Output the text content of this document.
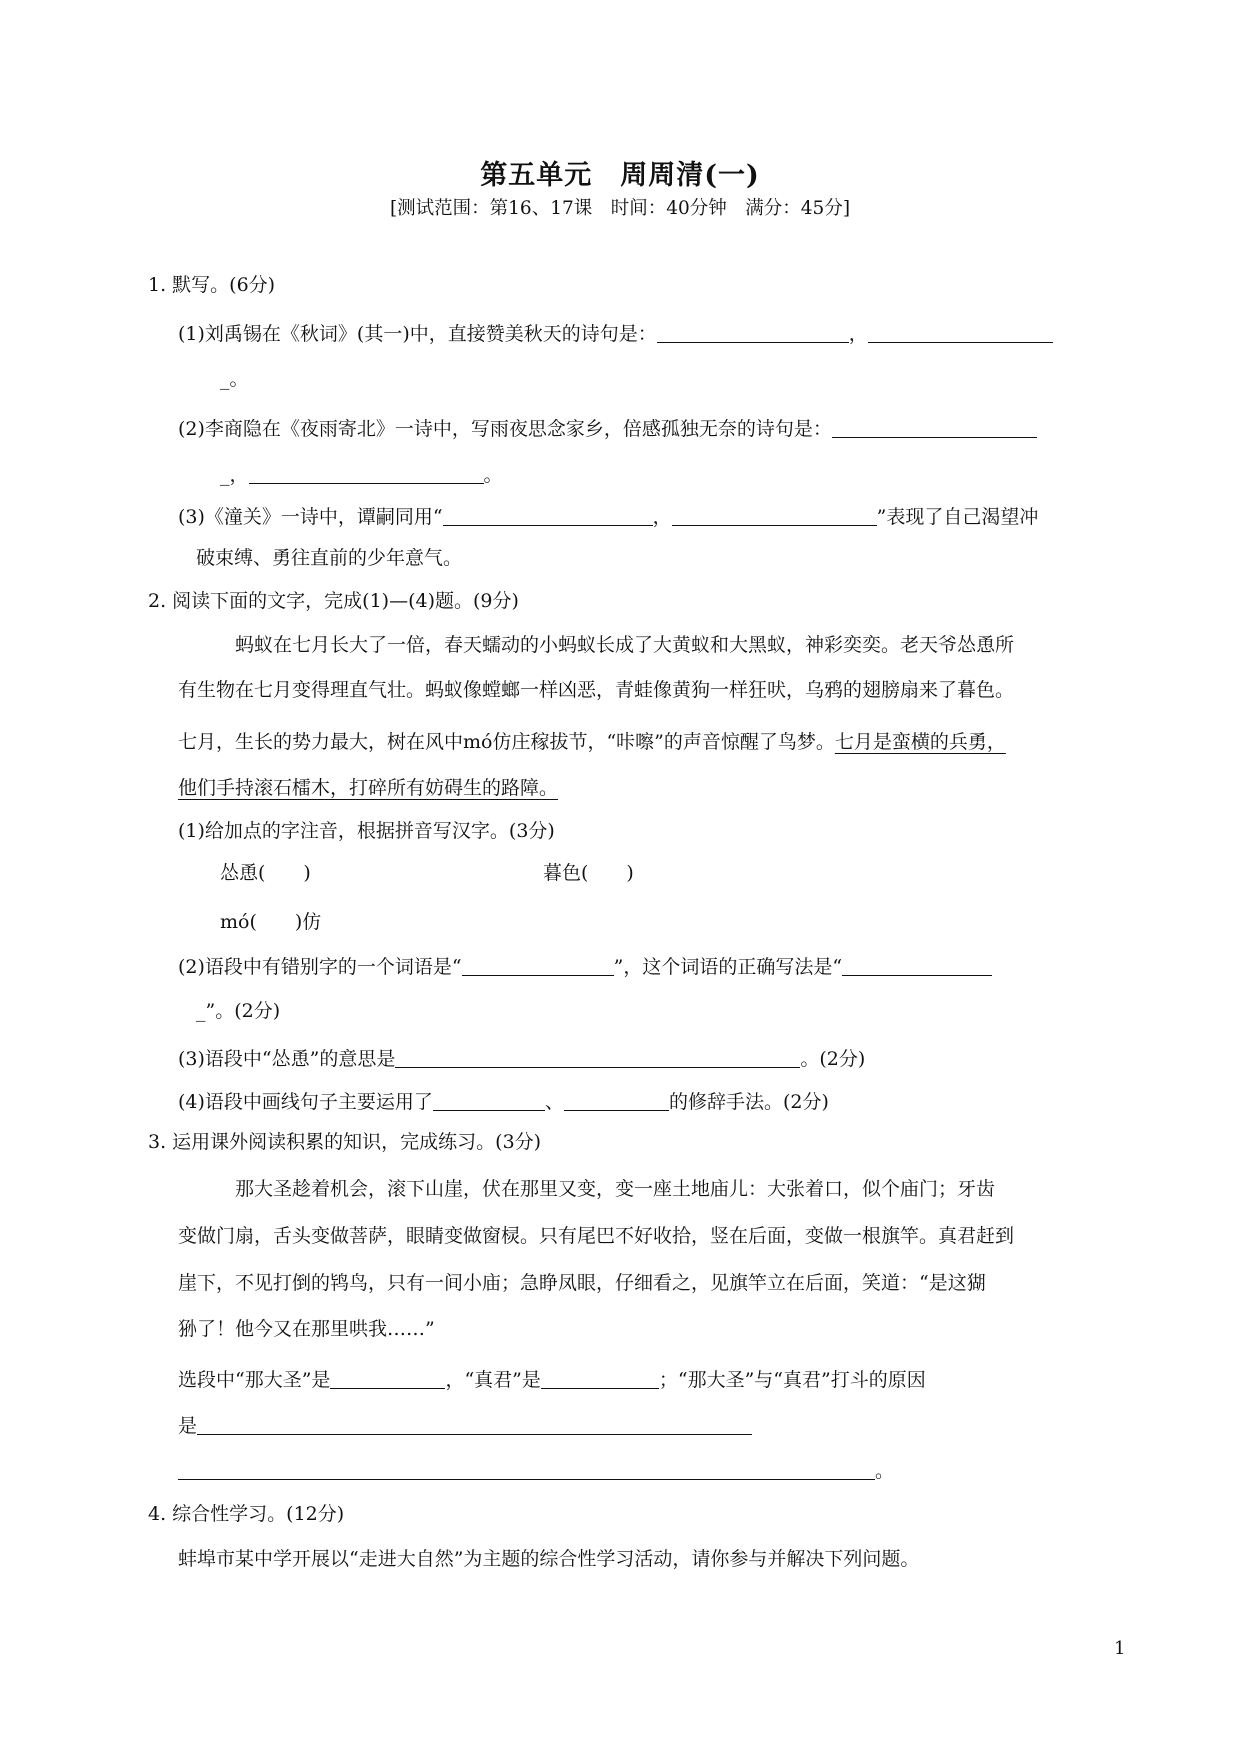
第五单元　周周清(一)
[测试范围：第16、17课　时间：40分钟　满分：45分]
1. 默写。(6分)
(1)刘禹锡在《秋词》(其一)中，直接赞美秋天的诗句是：	，
_。
(2)李商隐在《夜雨寄北》一诗中，写雨夜思念家乡，倍感孤独无奈的诗句是：
_，	。
(3)《潼关》一诗中，谭嗣同用“	，	”表现了自己渴望冲
破束缚、勇往直前的少年意气。
2. 阅读下面的文字，完成(1)—(4)题。(9分)
蚂蚁在七月长大了一倍，春天蠕动的小蚂蚁长成了大黄蚁和大黑蚁，神彩奕奕。老天爷怂恿所
有生物在七月变得理直气壮。蚂蚁像螳螂一样凶恶，青蛙像黄狗一样狂吠，乌鸦的翅膀扇来了暮色。
七月，生长的势力最大，树在风中mó仿庄稼拔节，“咔嚓”的声音惊醒了鸟梦。七月是蛮横的兵勇，
他们手持滚石檑木，打碎所有妨碍生的路障。
(1)给加点的字注音，根据拼音写汉字。(3分)
怂恿(　　)	暮色(　　)
mó(　　)仿
(2)语段中有错别字的一个词语是“	”，这个词语的正确写法是“
_”。(2分)
(3)语段中“怂恿”的意思是	。(2分)
(4)语段中画线句子主要运用了	、	的修辞手法。(2分)
3. 运用课外阅读积累的知识，完成练习。(3分)
那大圣趁着机会，滚下山崖，伏在那里又变，变一座土地庙儿：大张着口，似个庙门；牙齿
变做门扇，舌头变做菩萨，眼睛变做窗棂。只有尾巴不好收拾，竖在后面，变做一根旗竿。真君赶到
崖下，不见打倒的鸨鸟，只有一间小庙；急睁凤眼，仔细看之，见旗竿立在后面，笑道：“是这猢
狲了！他今又在那里哄我……”
选段中“那大圣”是	，“真君”是	；“那大圣”与“真君”打斗的原因
是
。
4. 综合性学习。(12分)
蚌埠市某中学开展以“走进大自然”为主题的综合性学习活动，请你参与并解决下列问题。
1
